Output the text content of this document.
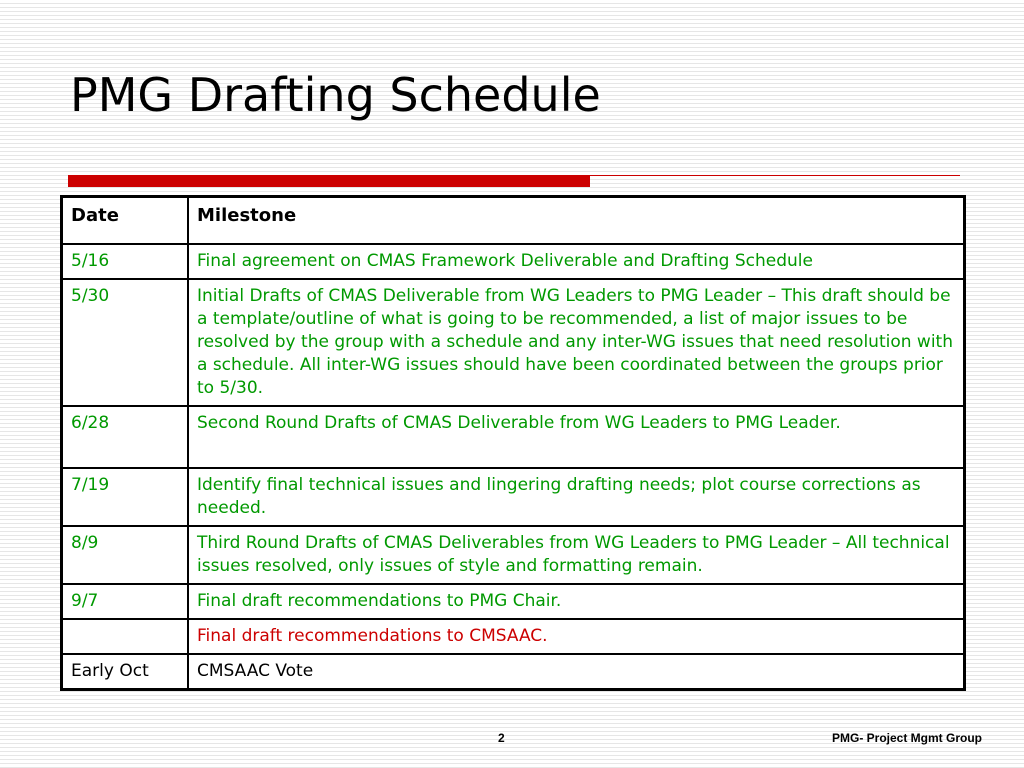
PMG Drafting Schedule
Date	Milestone
5/16	Final agreement on CMAS Framework Deliverable and Drafting Schedule
5/30	Initial Drafts of CMAS Deliverable from WG Leaders to PMG Leader – This draft should be a template/outline of what is going to be recommended, a list of major issues to be resolved by the group with a schedule and any inter-WG issues that need resolution with a schedule. All inter-WG issues should have been coordinated between the groups prior to 5/30.
6/28	Second Round Drafts of CMAS Deliverable from WG Leaders to PMG Leader.
7/19	Identify final technical issues and lingering drafting needs; plot course corrections as needed.
8/9	Third Round Drafts of CMAS Deliverables from WG Leaders to PMG Leader – All technical issues resolved, only issues of style and formatting remain.
9/7	Final draft recommendations to PMG Chair.
	Final draft recommendations to CMSAAC.
Early Oct	CMSAAC Vote
2	PMG- Project Mgmt Group
